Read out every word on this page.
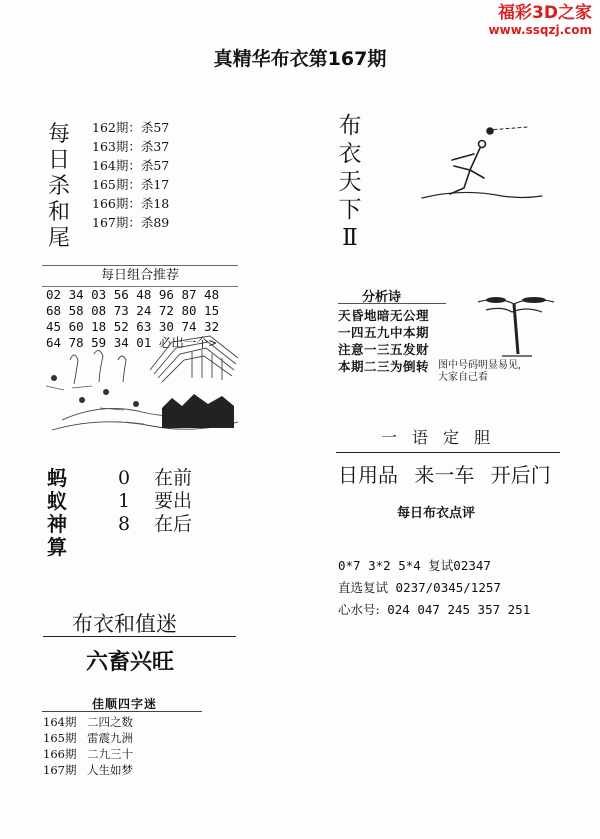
福彩3D之家
www.ssqzj.com
真精华布衣第167期
每
日
杀
和
尾
162期：杀57
163期：杀37
164期：杀57
165期：杀17
166期：杀18
167期：杀89
每日组合推荐
02 34 03 56 48 96 87 48
68 58 08 73 24 72 80 15
45 60 18 52 63 30 74 32
64 78 59 34 01 必出一个>
蚂
蚁
神
算
0 在前
1 要出
8 在后
布衣和值迷
六畜兴旺
佳顺四字迷
164期 二四之数
165期 雷震九洲
166期 二九三十
167期 人生如梦
布
衣
天
下
Ⅱ
分析诗
天昏地暗无公理
一四五九中本期
注意一三五发财
本期二三为倒转 图中号码明显易见,
大家自己看
一语定胆
日用品 来一车 开后门
每日布衣点评
0*7 3*2 5*4 复试02347
直选复试 0237/0345/1257
心水号: 024 047 245 357 251
